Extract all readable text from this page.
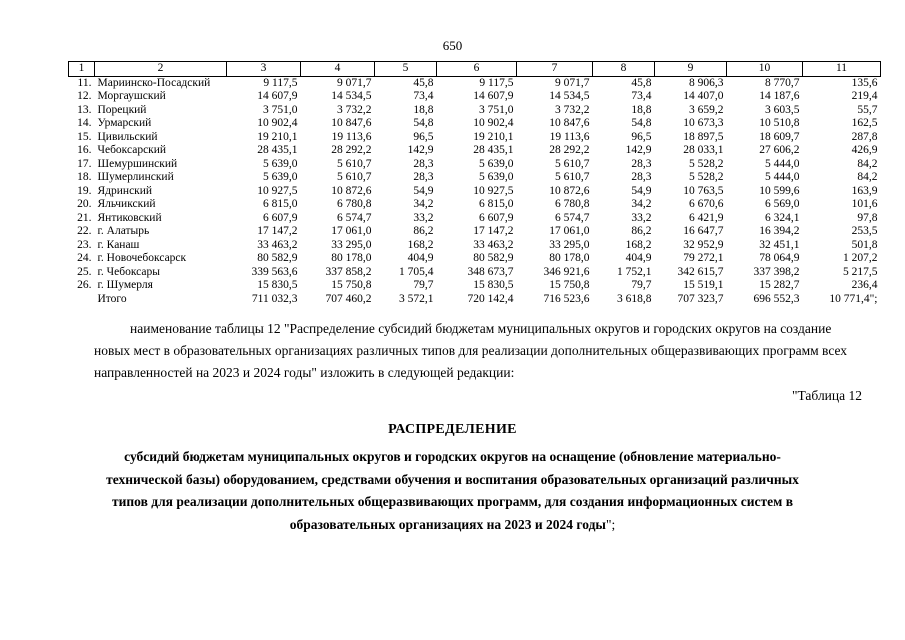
650
1	2	3	4	5	6	7	8	9	10	11
11.	Мариинско-Посадский	9 117,5	9 071,7	45,8	9 117,5	9 071,7	45,8	8 906,3	8 770,7	135,6
12.	Моргаушский	14 607,9	14 534,5	73,4	14 607,9	14 534,5	73,4	14 407,0	14 187,6	219,4
13.	Порецкий	3 751,0	3 732,2	18,8	3 751,0	3 732,2	18,8	3 659,2	3 603,5	55,7
14.	Урмарский	10 902,4	10 847,6	54,8	10 902,4	10 847,6	54,8	10 673,3	10 510,8	162,5
15.	Цивильский	19 210,1	19 113,6	96,5	19 210,1	19 113,6	96,5	18 897,5	18 609,7	287,8
16.	Чебоксарский	28 435,1	28 292,2	142,9	28 435,1	28 292,2	142,9	28 033,1	27 606,2	426,9
17.	Шемуршинский	5 639,0	5 610,7	28,3	5 639,0	5 610,7	28,3	5 528,2	5 444,0	84,2
18.	Шумерлинский	5 639,0	5 610,7	28,3	5 639,0	5 610,7	28,3	5 528,2	5 444,0	84,2
19.	Ядринский	10 927,5	10 872,6	54,9	10 927,5	10 872,6	54,9	10 763,5	10 599,6	163,9
20.	Яльчикский	6 815,0	6 780,8	34,2	6 815,0	6 780,8	34,2	6 670,6	6 569,0	101,6
21.	Янтиковский	6 607,9	6 574,7	33,2	6 607,9	6 574,7	33,2	6 421,9	6 324,1	97,8
22.	г. Алатырь	17 147,2	17 061,0	86,2	17 147,2	17 061,0	86,2	16 647,7	16 394,2	253,5
23.	г. Канаш	33 463,2	33 295,0	168,2	33 463,2	33 295,0	168,2	32 952,9	32 451,1	501,8
24.	г. Новочебоксарск	80 582,9	80 178,0	404,9	80 582,9	80 178,0	404,9	79 272,1	78 064,9	1 207,2
25.	г. Чебоксары	339 563,6	337 858,2	1 705,4	348 673,7	346 921,6	1 752,1	342 615,7	337 398,2	5 217,5
26.	г. Шумерля	15 830,5	15 750,8	79,7	15 830,5	15 750,8	79,7	15 519,1	15 282,7	236,4
	Итого	711 032,3	707 460,2	3 572,1	720 142,4	716 523,6	3 618,8	707 323,7	696 552,3	10 771,4";
наименование таблицы 12 "Распределение субсидий бюджетам муниципальных округов и городских округов на создание новых мест в образовательных организациях различных типов для реализации дополнительных общеразвивающих программ всех направленностей на 2023 и 2024 годы" изложить в следующей редакции:
"Таблица 12
РАСПРЕДЕЛЕНИЕ
субсидий бюджетам муниципальных округов и городских округов на оснащение (обновление материально-технической базы) оборудованием, средствами обучения и воспитания образовательных организаций различных типов для реализации дополнительных общеразвивающих программ, для создания информационных систем в образовательных организациях на 2023 и 2024 годы";
